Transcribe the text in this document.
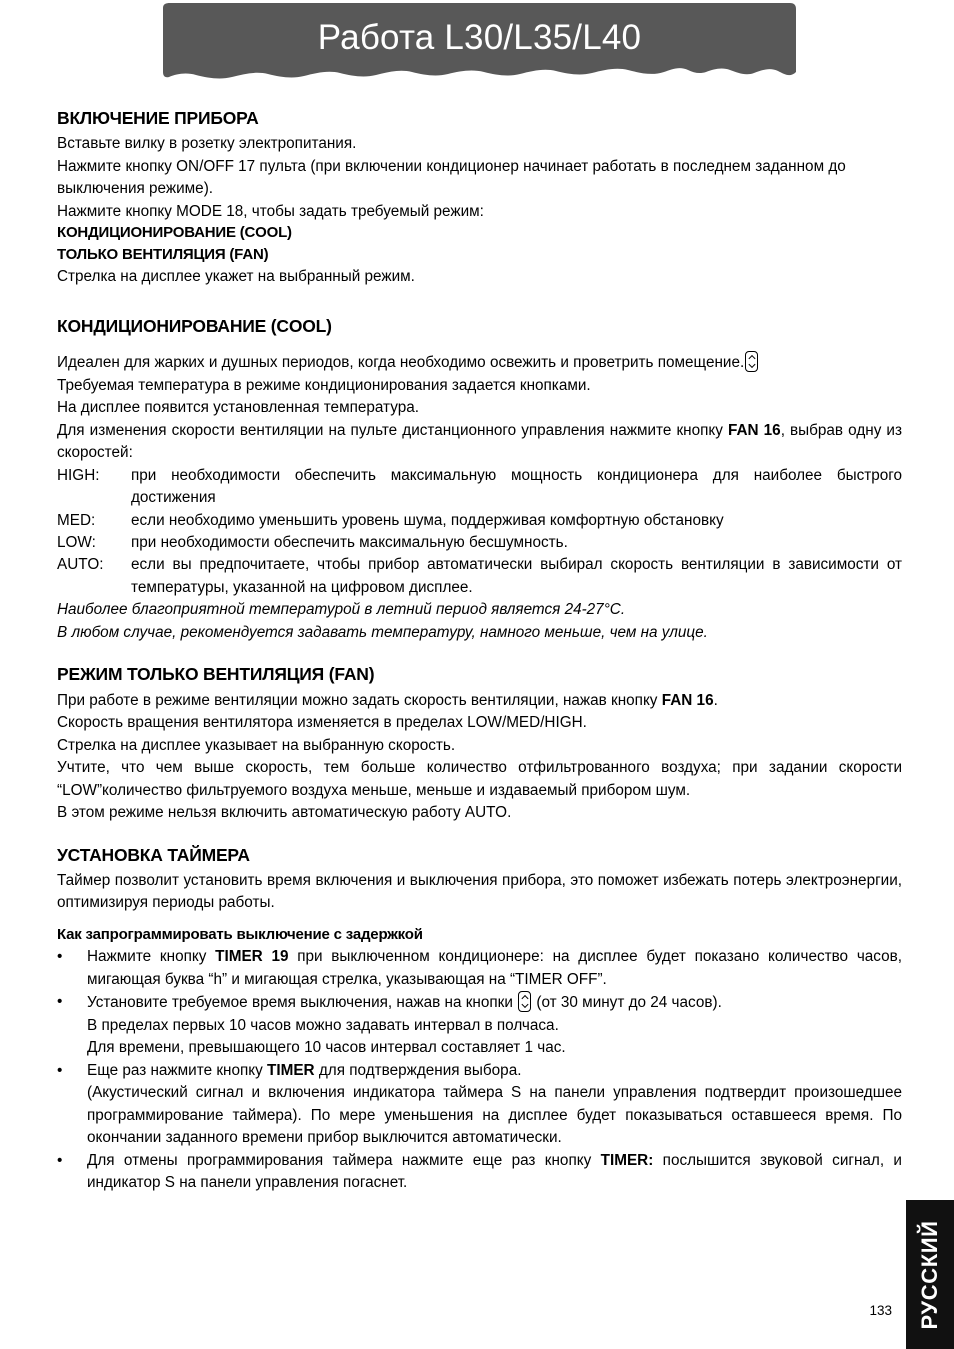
Работа L30/L35/L40
ВКЛЮЧЕНИЕ ПРИБОРА

Вставьте вилку в розетку электропитания.

Нажмите кнопку ON/OFF 17 пульта (при включении кондиционер начинает работать в последнем заданном до выключения режиме).

Нажмите кнопку MODE 18, чтобы задать требуемый режим:

КОНДИЦИОНИРОВАНИЕ (COOL)

ТОЛЬКО ВЕНТИЛЯЦИЯ (FAN)

Стрелка на дисплее укажет на выбранный режим.

КОНДИЦИОНИРОВАНИЕ (COOL)

Идеален для жарких и душных периодов, когда необходимо освежить и проветрить помещение.

Требуемая температура в режиме кондиционирования задается кнопками.

На дисплее появится установленная температура.

Для изменения скорости вентиляции на пульте дистанционного управления нажмите кнопку FAN 16, выбрав одну из скоростей:

HIGH:	при необходимости обеспечить максимальную мощность кондиционера для наиболее быстрого достижения
MED:	если необходимо уменьшить уровень шума, поддерживая комфортную обстановку
LOW:	при необходимости обеспечить максимальную бесшумность.
AUTO:	если вы предпочитаете, чтобы прибор автоматически выбирал скорость вентиляции в зависимости от температуры, указанной на цифровом дисплее.

Наиболее благоприятной температурой в летний период является 24-27°С.

В любом случае, рекомендуется задавать температуру, намного меньше, чем на улице.

РЕЖИМ ТОЛЬКО ВЕНТИЛЯЦИЯ (FAN)

При работе в режиме вентиляции можно задать скорость вентиляции, нажав кнопку FAN 16.

Скорость вращения вентилятора изменяется в пределах LOW/MED/HIGH.

Стрелка на дисплее указывает на выбранную скорость.

Учтите, что чем выше скорость, тем больше количество отфильтрованного воздуха; при задании скорости “LOW”количество фильтруемого воздуха меньше, меньше и издаваемый прибором шум.

В этом режиме нельзя включить автоматическую работу AUTO.

УСТАНОВКА ТАЙМЕРА

Таймер позволит установить время включения и выключения прибора, это поможет избежать потерь электроэнергии, оптимизируя периоды работы.

Как запрограммировать выключение с задержкой

•	Нажмите кнопку TIMER 19 при выключенном кондиционере: на дисплее будет показано количество часов, мигающая буква “h” и мигающая стрелка, указывающая на “TIMER OFF”.

•	Установите требуемое время выключения, нажав на кнопки
(от 30 минут до 24 часов).

В пределах первых 10 часов можно задавать интервал в полчаса.

Для времени, превышающего 10 часов интервал составляет 1 час.

•	Еще раз нажмите кнопку TIMER для подтверждения выбора.

(Акустический сигнал и включения индикатора таймера S на панели управления подтвердит произошедшее программирование таймера). По мере уменьшения на дисплее будет показываться оставшееся время. По окончании заданного времени прибор выключится автоматически.

•	Для отмены программирования таймера нажмите еще раз кнопку TIMER: послышится звуковой сигнал, и индикатор S на панели управления погаснет.

РУССКИЙ
133
